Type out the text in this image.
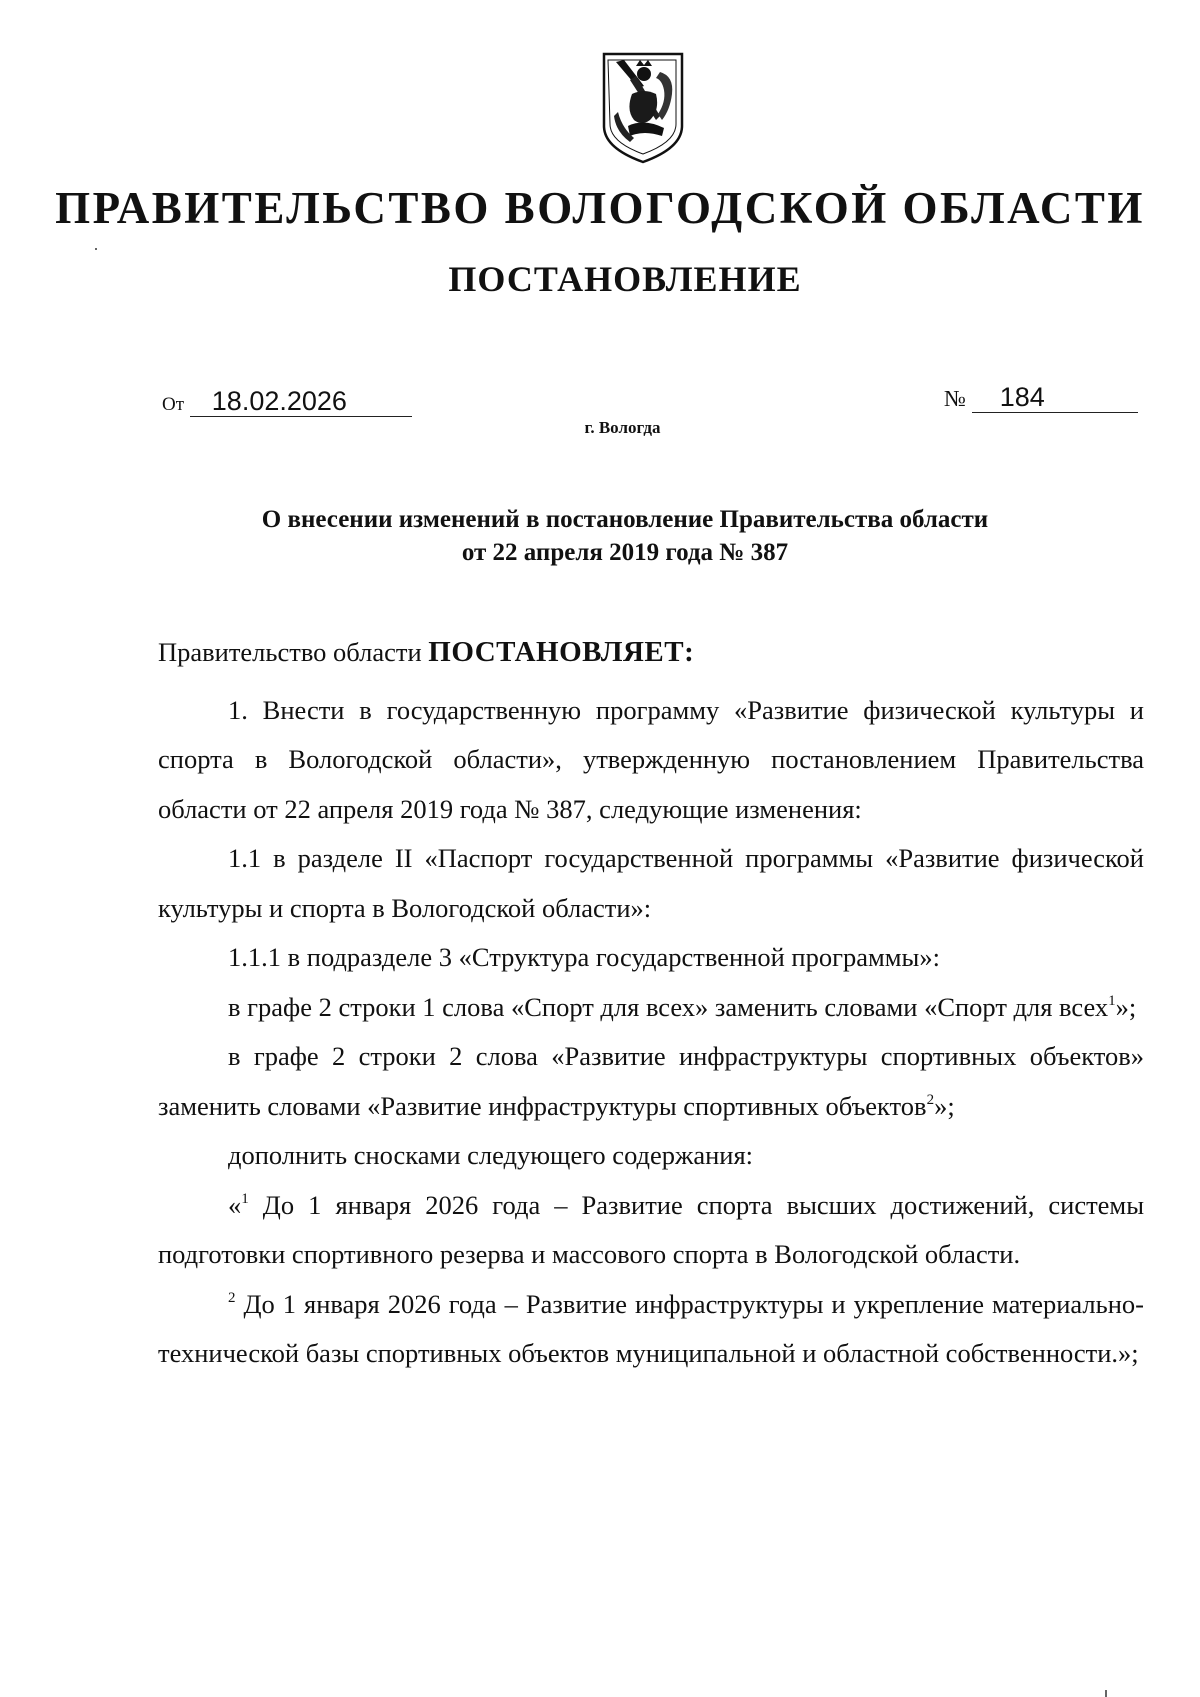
ПРАВИТЕЛЬСТВО ВОЛОГОДСКОЙ ОБЛАСТИ
ПОСТАНОВЛЕНИЕ
От 18.02.2026	№ 184
г. Вологда
О внесении изменений в постановление Правительства области
от 22 апреля 2019 года № 387

Правительство области ПОСТАНОВЛЯЕТ:

1. Внести в государственную программу «Развитие физической культуры и спорта в Вологодской области», утвержденную постановлением Правительства области от 22 апреля 2019 года № 387, следующие изменения:

1.1 в разделе II «Паспорт государственной программы «Развитие физической культуры и спорта в Вологодской области»:

1.1.1 в подразделе 3 «Структура государственной программы»:

в графе 2 строки 1 слова «Спорт для всех» заменить словами «Спорт для всех$^1$»;

в графе 2 строки 2 слова «Развитие инфраструктуры спортивных объектов» заменить словами «Развитие инфраструктуры спортивных объектов$^2$»;

дополнить сносками следующего содержания:

«$^1$ До 1 января 2026 года – Развитие спорта высших достижений, системы подготовки спортивного резерва и массового спорта в Вологодской области.

$^2$ До 1 января 2026 года – Развитие инфраструктуры и укрепление материально-технической базы спортивных объектов муниципальной и областной собственности.»;
